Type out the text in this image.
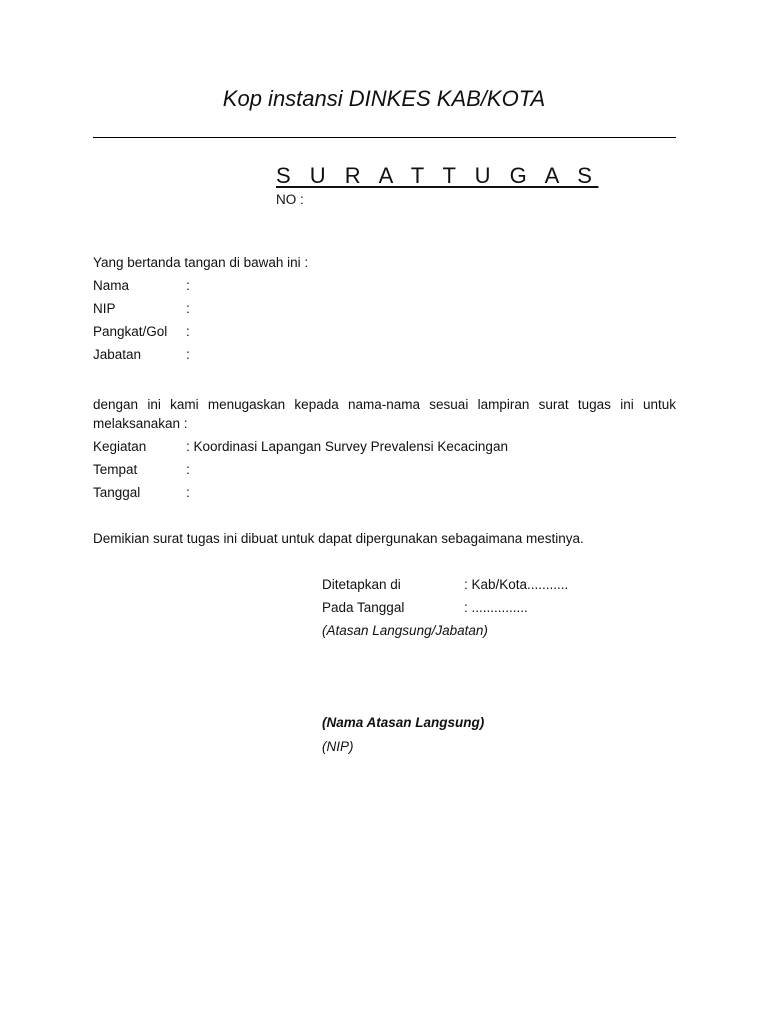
Kop instansi DINKES KAB/KOTA
S U R A T T U G A S
NO :
Yang bertanda tangan di bawah ini :
Nama	:
NIP	:
Pangkat/Gol :
Jabatan	:
dengan ini kami menugaskan kepada nama-nama sesuai lampiran surat tugas ini untuk
melaksanakan :
Kegiatan	: Koordinasi Lapangan Survey Prevalensi Kecacingan
Tempat	:
Tanggal	:
Demikian surat tugas ini dibuat untuk dapat dipergunakan sebagaimana mestinya.
Ditetapkan di	: Kab/Kota...........
Pada Tanggal	: ...............
(Atasan Langsung/Jabatan)
(Nama Atasan Langsung)
(NIP)
